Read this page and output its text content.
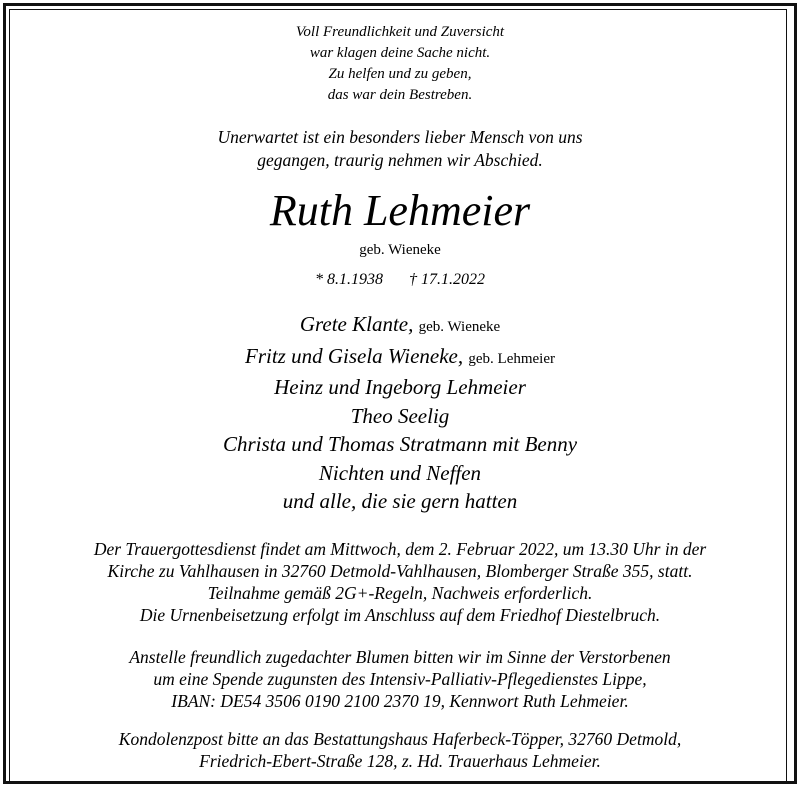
Voll Freundlichkeit und Zuversicht
war klagen deine Sache nicht.
Zu helfen und zu geben,
das war dein Bestreben.
Unerwartet ist ein besonders lieber Mensch von uns
gegangen, traurig nehmen wir Abschied.
Ruth Lehmeier
geb. Wieneke
* 8.1.1938 † 17.1.2022
Grete Klante, geb. Wieneke
Fritz und Gisela Wieneke, geb. Lehmeier
Heinz und Ingeborg Lehmeier
Theo Seelig
Christa und Thomas Stratmann mit Benny
Nichten und Neffen
und alle, die sie gern hatten
Der Trauergottesdienst findet am Mittwoch, dem 2. Februar 2022, um 13.30 Uhr in der
Kirche zu Vahlhausen in 32760 Detmold-Vahlhausen, Blomberger Straße 355, statt.
Teilnahme gemäß 2G+-Regeln, Nachweis erforderlich.
Die Urnenbeisetzung erfolgt im Anschluss auf dem Friedhof Diestelbruch.
Anstelle freundlich zugedachter Blumen bitten wir im Sinne der Verstorbenen
um eine Spende zugunsten des Intensiv-Palliativ-Pflegedienstes Lippe,
IBAN: DE54 3506 0190 2100 2370 19, Kennwort Ruth Lehmeier.
Kondolenzpost bitte an das Bestattungshaus Haferbeck-Töpper, 32760 Detmold,
Friedrich-Ebert-Straße 128, z. Hd. Trauerhaus Lehmeier.
